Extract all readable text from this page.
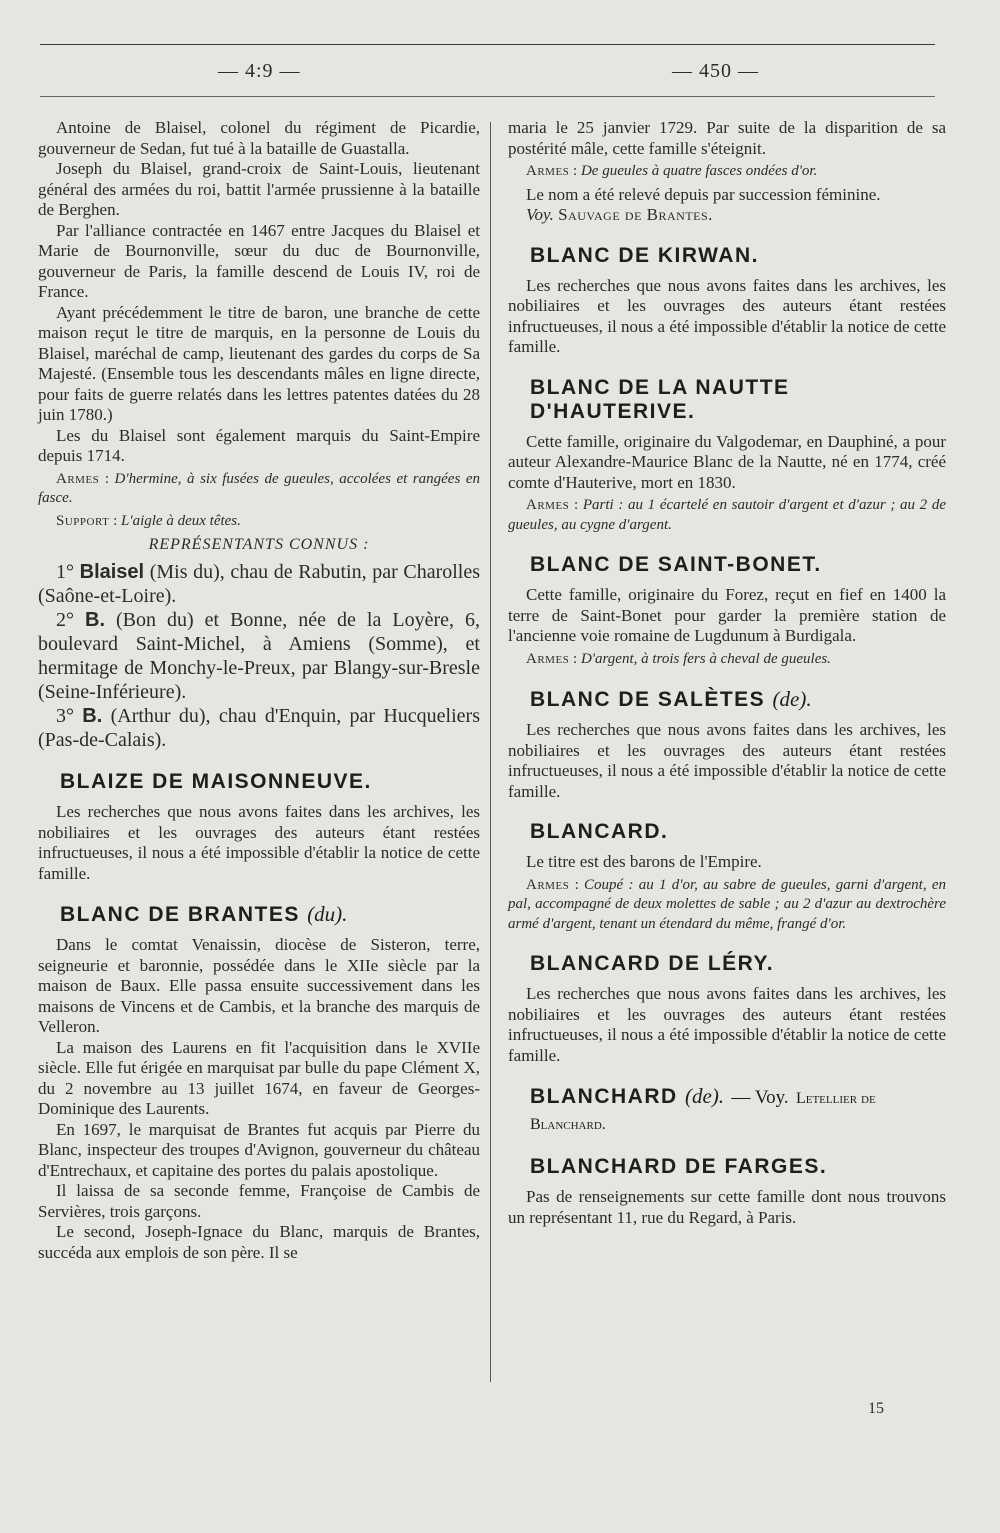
— 4:9 —	— 450 —

Antoine de Blaisel, colonel du régiment de Picardie, gouverneur de Sedan, fut tué à la bataille de Guastalla.

Joseph du Blaisel, grand-croix de Saint-Louis, lieutenant général des armées du roi, battit l'armée prussienne à la bataille de Berghen.

Par l'alliance contractée en 1467 entre Jacques du Blaisel et Marie de Bournonville, sœur du duc de Bournonville, gouverneur de Paris, la famille descend de Louis IV, roi de France.

Ayant précédemment le titre de baron, une branche de cette maison reçut le titre de marquis, en la personne de Louis du Blaisel, maréchal de camp, lieutenant des gardes du corps de Sa Majesté. (Ensemble tous les descendants mâles en ligne directe, pour faits de guerre relatés dans les lettres patentes datées du 28 juin 1780.)

Les du Blaisel sont également marquis du Saint-Empire depuis 1714.

Armes : D'hermine, à six fusées de gueules, accolées et rangées en fasce.

Support : L'aigle à deux têtes.

REPRÉSENTANTS CONNUS :

1° Blaisel (Mis du), chau de Rabutin, par Charolles (Saône-et-Loire).

2° B. (Bon du) et Bonne, née de la Loyère, 6, boulevard Saint-Michel, à Amiens (Somme), et hermitage de Monchy-le-Preux, par Blangy-sur-Bresle (Seine-Inférieure).

3° B. (Arthur du), chau d'Enquin, par Hucqueliers (Pas-de-Calais).

BLAIZE DE MAISONNEUVE.

Les recherches que nous avons faites dans les archives, les nobiliaires et les ouvrages des auteurs étant restées infructueuses, il nous a été impossible d'établir la notice de cette famille.

BLANC DE BRANTES (du).

Dans le comtat Venaissin, diocèse de Sisteron, terre, seigneurie et baronnie, possédée dans le XIIe siècle par la maison de Baux. Elle passa ensuite successivement dans les maisons de Vincens et de Cambis, et la branche des marquis de Velleron.

La maison des Laurens en fit l'acquisition dans le XVIIe siècle. Elle fut érigée en marquisat par bulle du pape Clément X, du 2 novembre au 13 juillet 1674, en faveur de Georges-Dominique des Laurents.

En 1697, le marquisat de Brantes fut acquis par Pierre du Blanc, inspecteur des troupes d'Avignon, gouverneur du château d'Entrechaux, et capitaine des portes du palais apostolique.

Il laissa de sa seconde femme, Françoise de Cambis de Servières, trois garçons.

Le second, Joseph-Ignace du Blanc, marquis de Brantes, succéda aux emplois de son père. Il se

maria le 25 janvier 1729. Par suite de la disparition de sa postérité mâle, cette famille s'éteignit.

Armes : De gueules à quatre fasces ondées d'or.

Le nom a été relevé depuis par succession féminine.

Voy. Sauvage de Brantes.

BLANC DE KIRWAN.

Les recherches que nous avons faites dans les archives, les nobiliaires et les ouvrages des auteurs étant restées infructueuses, il nous a été impossible d'établir la notice de cette famille.

BLANC DE LA NAUTTE D'HAUTERIVE.

Cette famille, originaire du Valgodemar, en Dauphiné, a pour auteur Alexandre-Maurice Blanc de la Nautte, né en 1774, créé comte d'Hauterive, mort en 1830.

Armes : Parti : au 1 écartelé en sautoir d'argent et d'azur ; au 2 de gueules, au cygne d'argent.

BLANC DE SAINT-BONET.

Cette famille, originaire du Forez, reçut en fief en 1400 la terre de Saint-Bonet pour garder la première station de l'ancienne voie romaine de Lugdunum à Burdigala.

Armes : D'argent, à trois fers à cheval de gueules.

BLANC DE SALÈTES (de).

Les recherches que nous avons faites dans les archives, les nobiliaires et les ouvrages des auteurs étant restées infructueuses, il nous a été impossible d'établir la notice de cette famille.

BLANCARD.

Le titre est des barons de l'Empire.

Armes : Coupé : au 1 d'or, au sabre de gueules, garni d'argent, en pal, accompagné de deux molettes de sable ; au 2 d'azur au dextrochère armé d'argent, tenant un étendard du même, frangé d'or.

BLANCARD DE LÉRY.

Les recherches que nous avons faites dans les archives, les nobiliaires et les ouvrages des auteurs étant restées infructueuses, il nous a été impossible d'établir la notice de cette famille.

BLANCHARD (de). — Voy. Letellier de Blanchard.
BLANCHARD DE FARGES.

Pas de renseignements sur cette famille dont nous trouvons un représentant 11, rue du Regard, à Paris.

15
